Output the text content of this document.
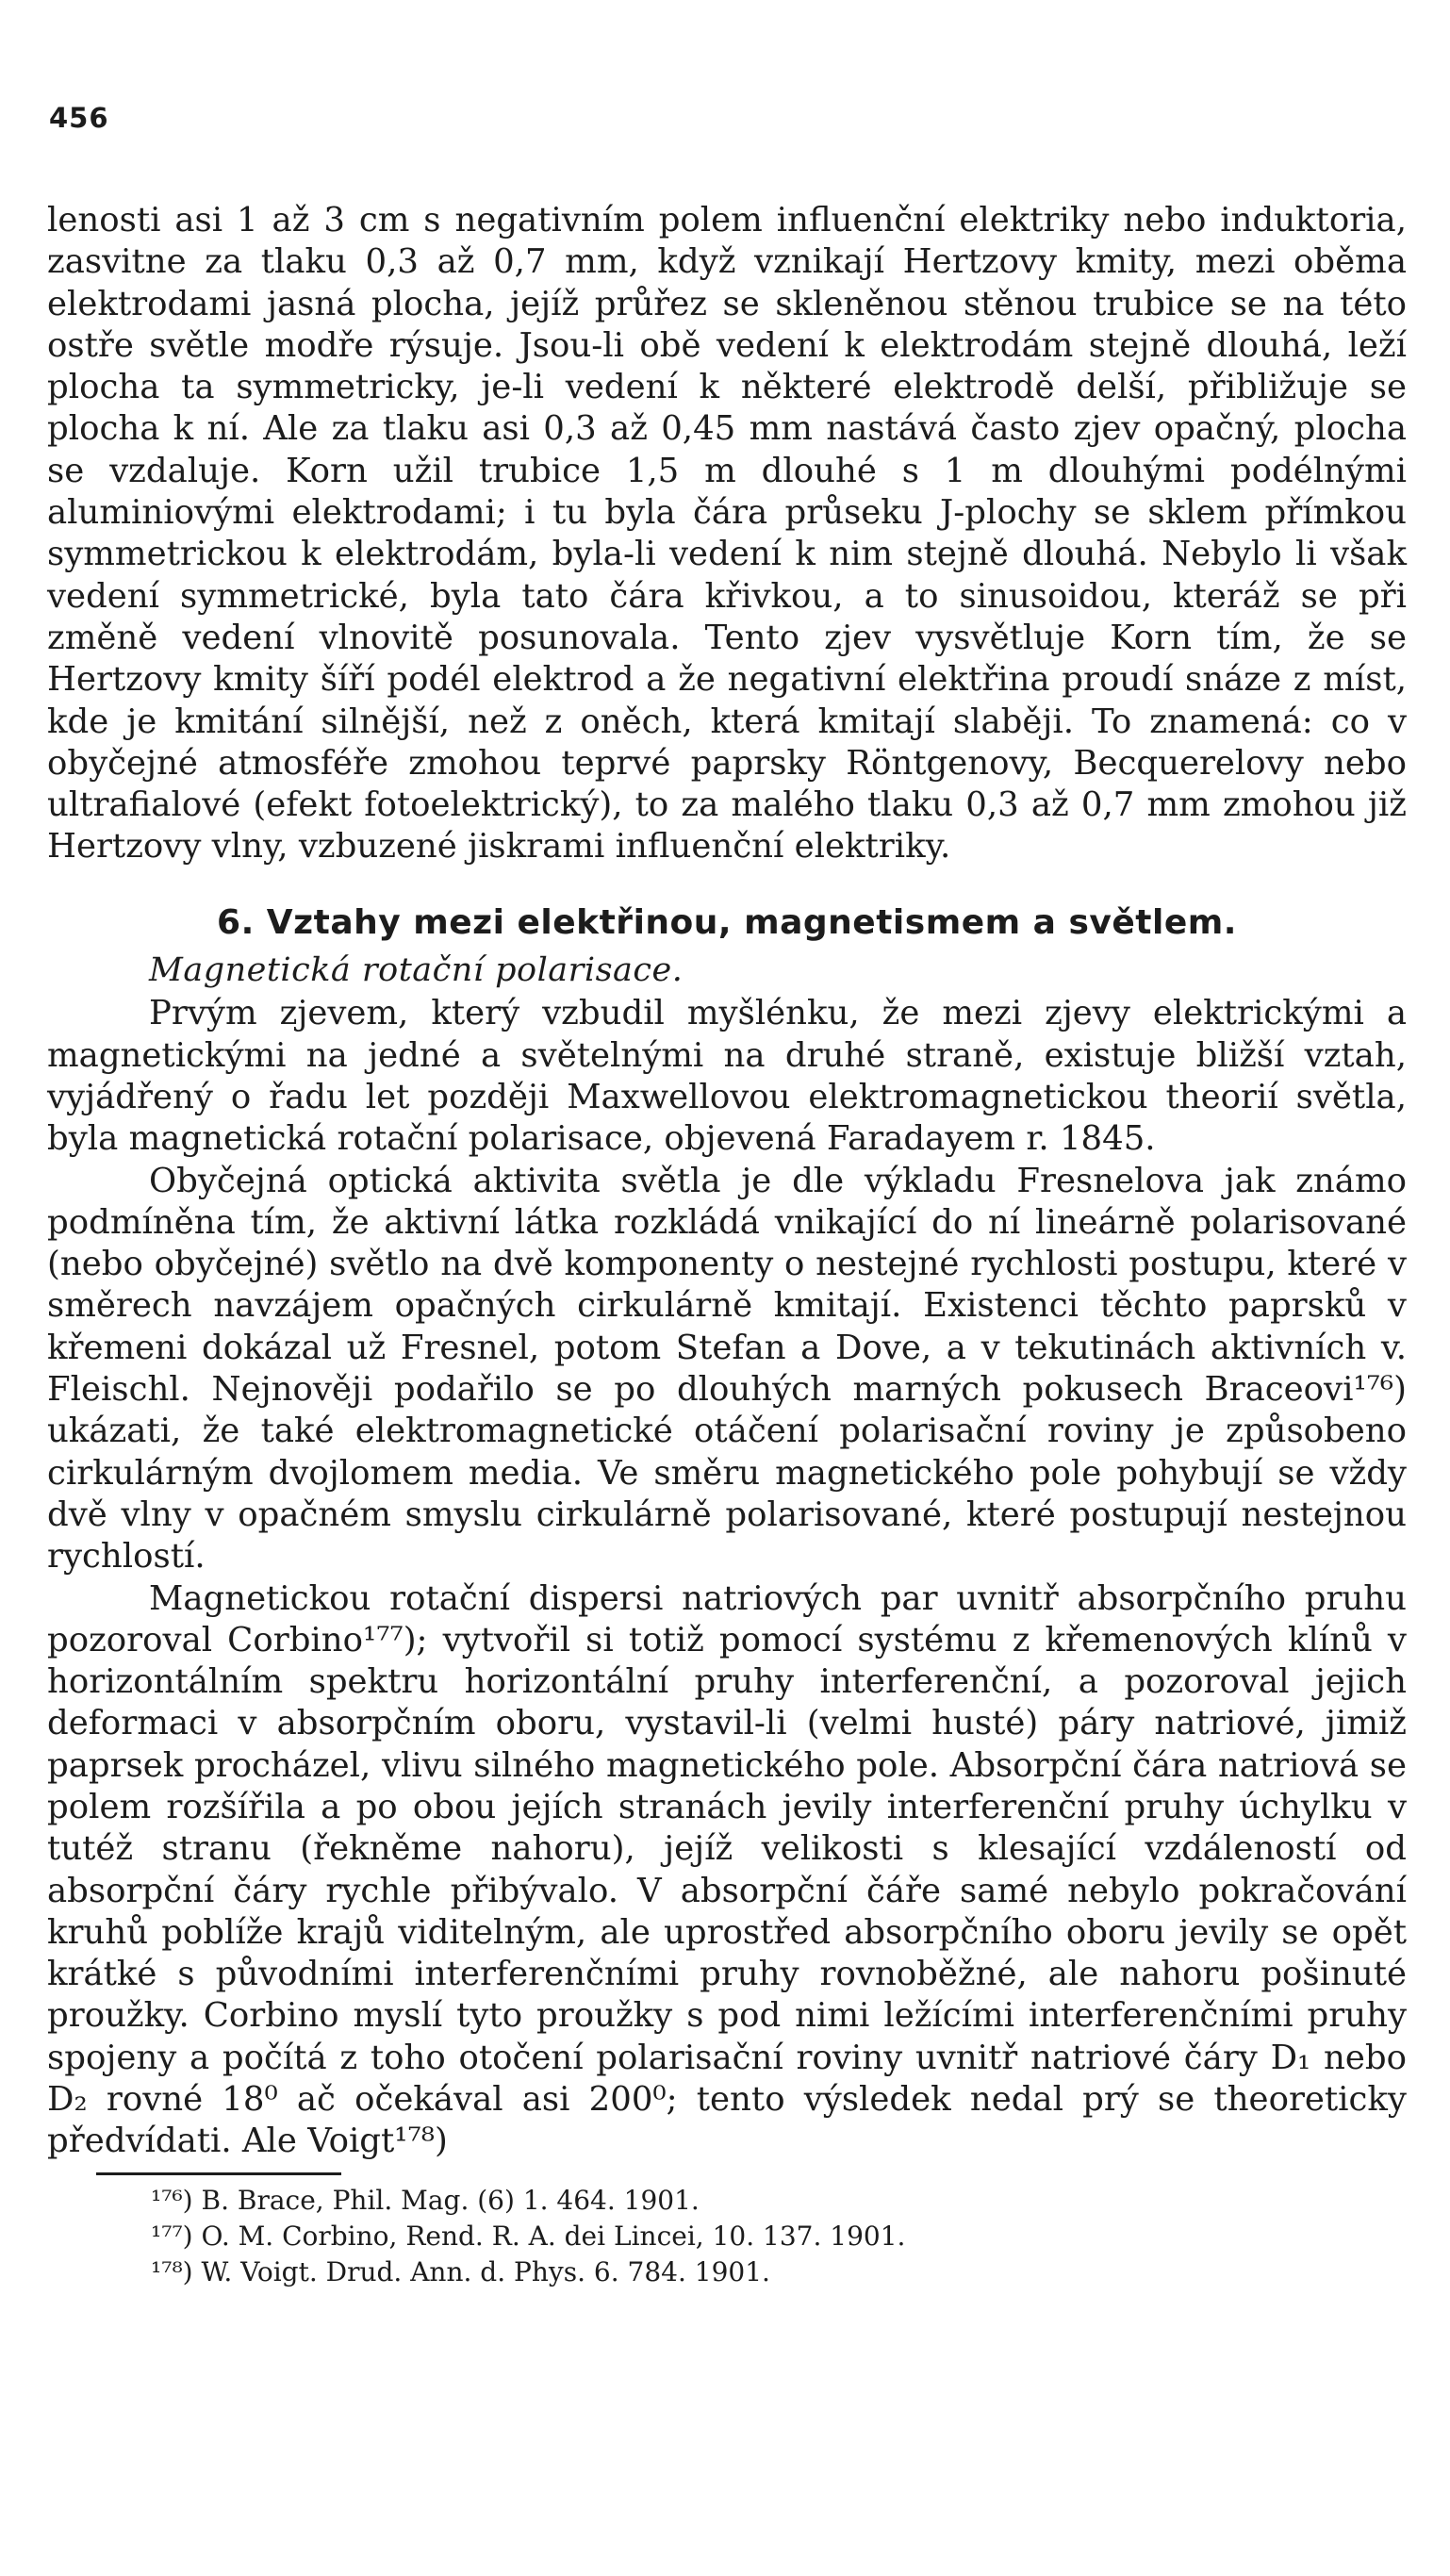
456

lenosti asi 1 až 3 cm s negativním polem influenční elektriky nebo induktoria, zasvitne za tlaku 0,3 až 0,7 mm, když vznikají Hertzovy kmity, mezi oběma elektrodami jasná plocha, jejíž průřez se skleněnou stěnou trubice se na této ostře světle modře rýsuje. Jsou-li obě vedení k elektrodám stejně dlouhá, leží plocha ta symmetricky, je-li vedení k některé elektrodě delší, přibližuje se plocha k ní. Ale za tlaku asi 0,3 až 0,45 mm nastává často zjev opačný, plocha se vzdaluje. Korn užil trubice 1,5 m dlouhé s 1 m dlouhými podélnými aluminiovými elektrodami; i tu byla čára průseku J-plochy se sklem přímkou symmetrickou k elektrodám, byla-li vedení k nim stejně dlouhá. Nebylo li však vedení symmetrické, byla tato čára křivkou, a to sinusoidou, kteráž se při změně vedení vlnovitě posunovala. Tento zjev vysvětluje Korn tím, že se Hertzovy kmity šíří podél elektrod a že negativní elektřina proudí snáze z míst, kde je kmitání silnější, než z oněch, která kmitají slaběji. To znamená: co v obyčejné atmosféře zmohou teprvé paprsky Röntgenovy, Becquerelovy nebo ultrafialové (efekt fotoelektrický), to za malého tlaku 0,3 až 0,7 mm zmohou již Hertzovy vlny, vzbuzené jiskrami influenční elektriky.

6. Vztahy mezi elektřinou, magnetismem a světlem.
Magnetická rotační polarisace.

Prvým zjevem, který vzbudil myšlénku, že mezi zjevy elektrickými a magnetickými na jedné a světelnými na druhé straně, existuje bližší vztah, vyjádřený o řadu let později Maxwellovou elektromagnetickou theorií světla, byla magnetická rotační polarisace, objevená Faradayem r. 1845.

Obyčejná optická aktivita světla je dle výkladu Fresnelova jak známo podmíněna tím, že aktivní látka rozkládá vnikající do ní lineárně polarisované (nebo obyčejné) světlo na dvě komponenty o nestejné rychlosti postupu, které v směrech navzájem opačných cirkulárně kmitají. Existenci těchto paprsků v křemeni dokázal už Fresnel, potom Stefan a Dove, a v tekutinách aktivních v. Fleischl. Nejnověji podařilo se po dlouhých marných pokusech Braceovi¹⁷⁶) ukázati, že také elektromagnetické otáčení polarisační roviny je způsobeno cirkulárným dvojlomem media. Ve směru magnetického pole pohybují se vždy dvě vlny v opačném smyslu cirkulárně polarisované, které postupují nestejnou rychlostí.

Magnetickou rotační dispersi natriových par uvnitř absorpčního pruhu pozoroval Corbino¹⁷⁷); vytvořil si totiž pomocí systému z křemenových klínů v horizontálním spektru horizontální pruhy interferenční, a pozoroval jejich deformaci v absorpčním oboru, vystavil-li (velmi husté) páry natriové, jimiž paprsek procházel, vlivu silného magnetického pole. Absorpční čára natriová se polem rozšířila a po obou jejích stranách jevily interferenční pruhy úchylku v tutéž stranu (řekněme nahoru), jejíž velikosti s klesající vzdáleností od absorpční čáry rychle přibývalo. V absorpční čáře samé nebylo pokračování kruhů poblíže krajů viditelným, ale uprostřed absorpčního oboru jevily se opět krátké s původními interferenčními pruhy rovnoběžné, ale nahoru pošinuté proužky. Corbino myslí tyto proužky s pod nimi ležícími interferenčními pruhy spojeny a počítá z toho otočení polarisační roviny uvnitř natriové čáry D₁ nebo D₂ rovné 18⁰ ač očekával asi 200⁰; tento výsledek nedal prý se theoreticky předvídati. Ale Voigt¹⁷⁸)

¹⁷⁶) B. Brace, Phil. Mag. (6) 1. 464. 1901.
¹⁷⁷) O. M. Corbino, Rend. R. A. dei Lincei, 10. 137. 1901.
¹⁷⁸) W. Voigt. Drud. Ann. d. Phys. 6. 784. 1901.
